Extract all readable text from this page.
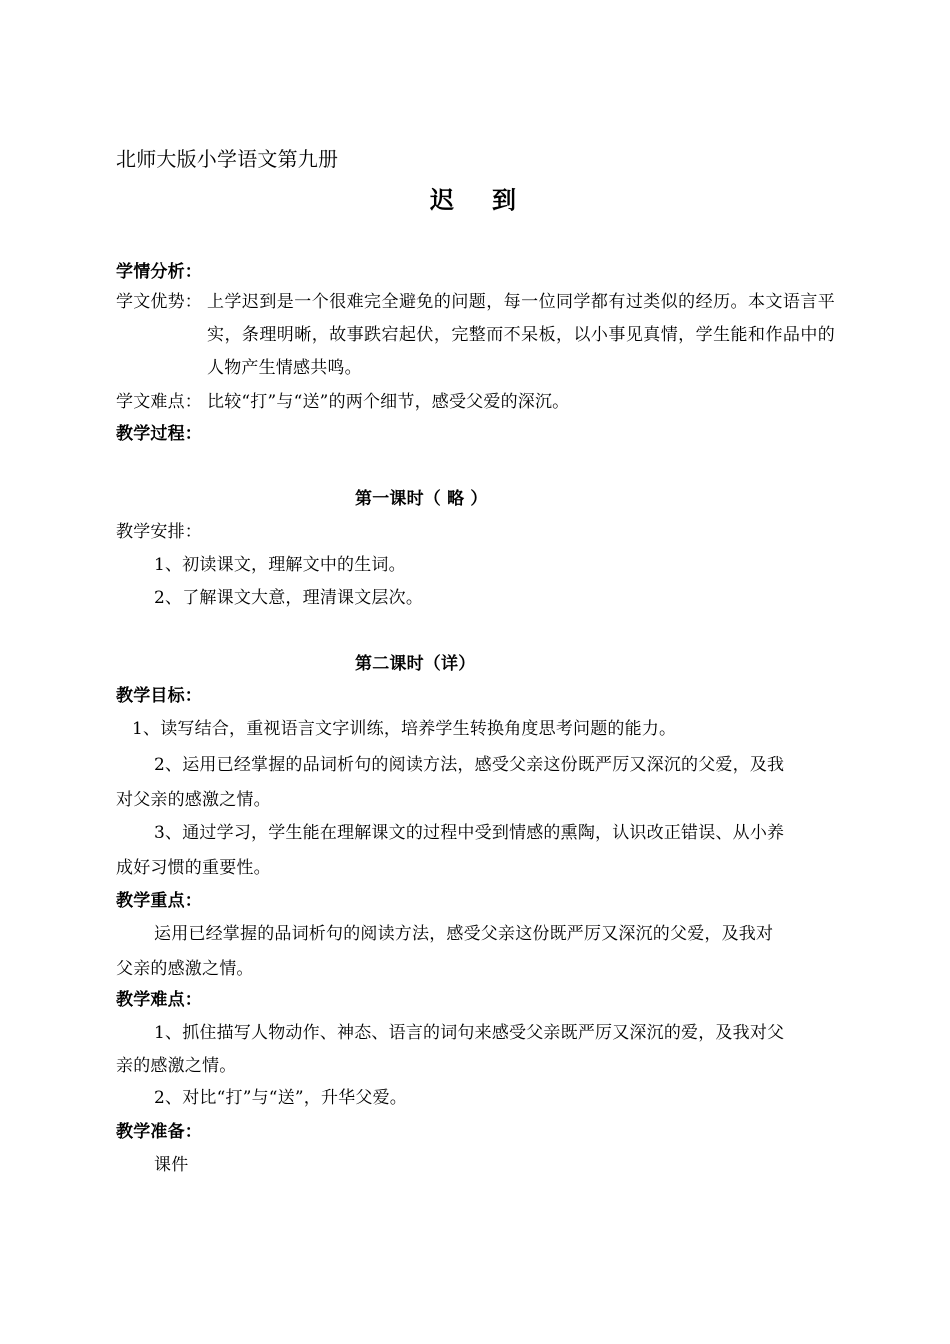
北师大版小学语文第九册
迟到
学情分析：
学文优势： 上学迟到是一个很难完全避免的问题，每一位同学都有过类似的经历。本文语言平实，条理明晰，故事跌宕起伏，完整而不呆板，以小事见真情，学生能和作品中的人物产生情感共鸣。
学文难点： 比较“打”与“送”的两个细节，感受父爱的深沉。
教学过程：
第一课时（ 略 ）
教学安排：
1、初读课文，理解文中的生词。
2、了解课文大意，理清课文层次。
第二课时（详）
教学目标：
1、读写结合，重视语言文字训练，培养学生转换角度思考问题的能力。
2、运用已经掌握的品词析句的阅读方法，感受父亲这份既严厉又深沉的父爱，及我
对父亲的感激之情。
3、通过学习，学生能在理解课文的过程中受到情感的熏陶，认识改正错误、从小养
成好习惯的重要性。
教学重点：
运用已经掌握的品词析句的阅读方法，感受父亲这份既严厉又深沉的父爱，及我对
父亲的感激之情。
教学难点：
1、抓住描写人物动作、神态、语言的词句来感受父亲既严厉又深沉的爱，及我对父
亲的感激之情。
2、对比“打”与“送”，升华父爱。
教学准备：
课件
